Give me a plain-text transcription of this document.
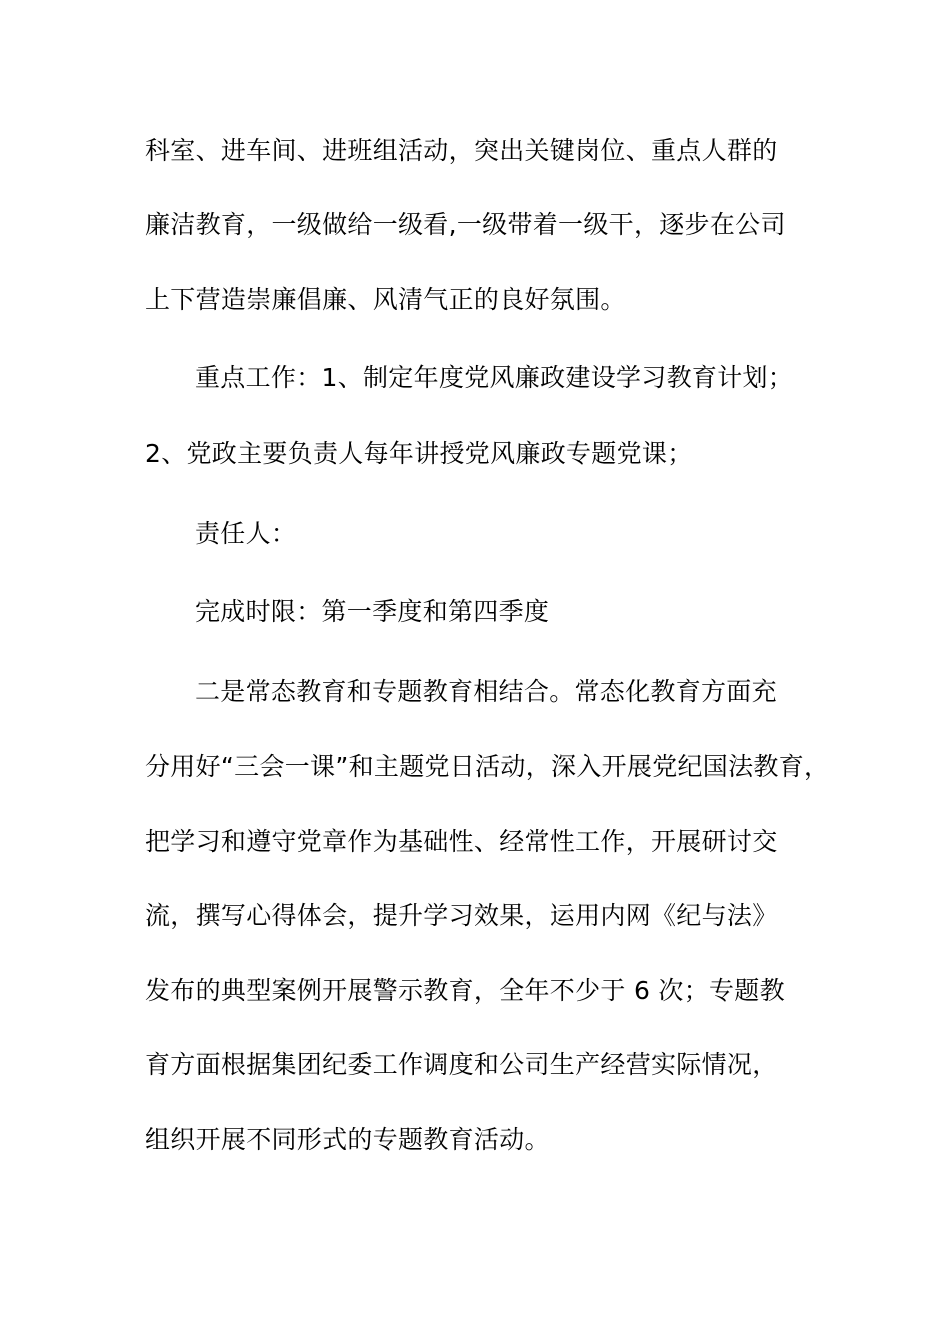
科室、进车间、进班组活动，突出关键岗位、重点人群的
廉洁教育，一级做给一级看,一级带着一级干，逐步在公司
上下营造崇廉倡廉、风清气正的良好氛围。
重点工作：1、制定年度党风廉政建设学习教育计划；
2、党政主要负责人每年讲授党风廉政专题党课；
责任人：
完成时限：第一季度和第四季度
二是常态教育和专题教育相结合。常态化教育方面充
分用好“三会一课”和主题党日活动，深入开展党纪国法教育，
把学习和遵守党章作为基础性、经常性工作，开展研讨交
流，撰写心得体会，提升学习效果，运用内网《纪与法》
发布的典型案例开展警示教育，全年不少于 6 次；专题教
育方面根据集团纪委工作调度和公司生产经营实际情况，
组织开展不同形式的专题教育活动。
